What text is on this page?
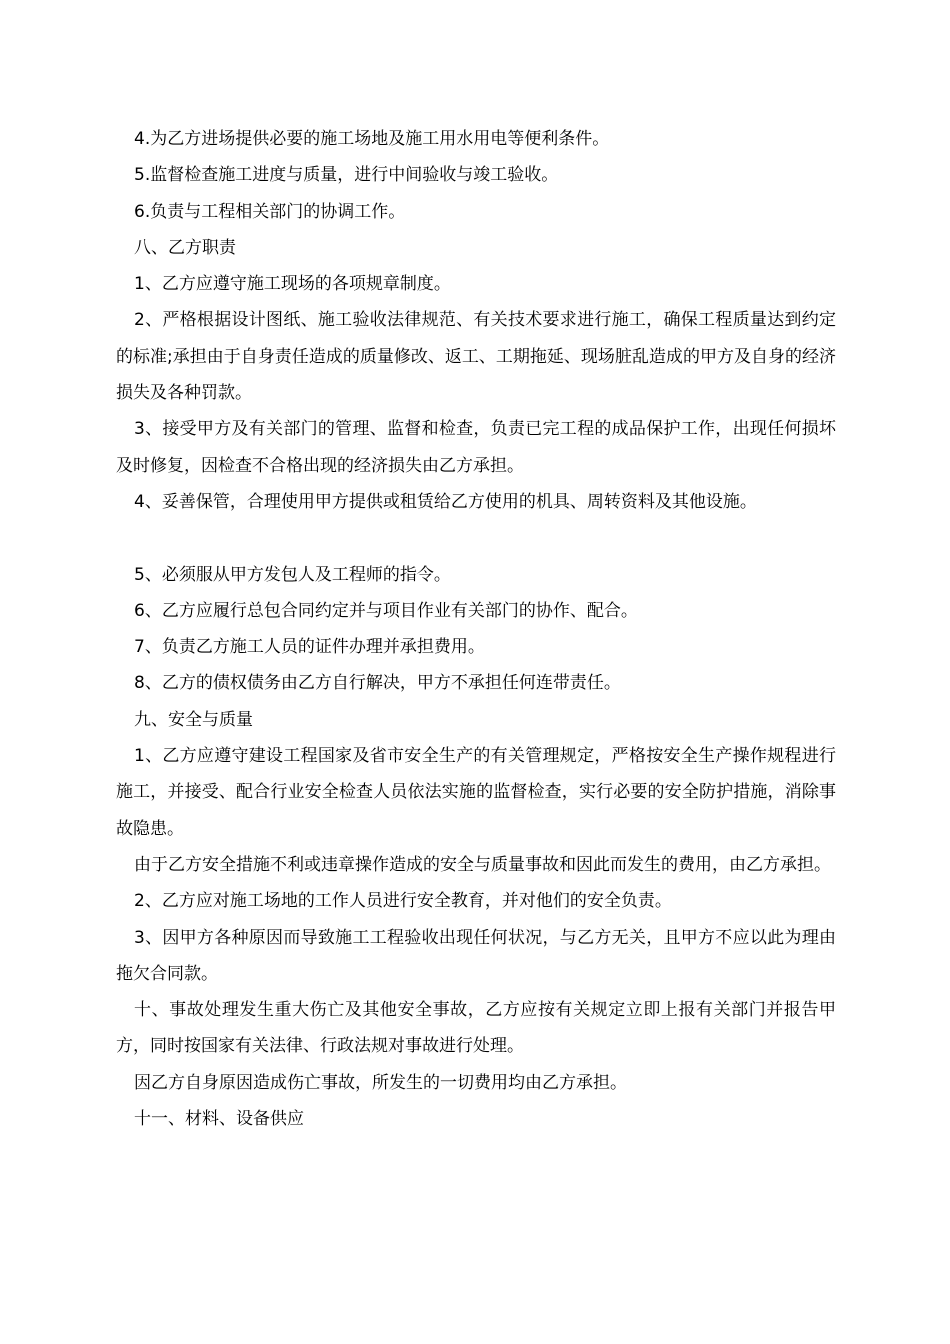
4.为乙方进场提供必要的施工场地及施工用水用电等便利条件。

5.监督检查施工进度与质量，进行中间验收与竣工验收。

6.负责与工程相关部门的协调工作。

八、乙方职责

1、乙方应遵守施工现场的各项规章制度。

2、严格根据设计图纸、施工验收法律规范、有关技术要求进行施工，确保工程质量达到约定的标准;承担由于自身责任造成的质量修改、返工、工期拖延、现场脏乱造成的甲方及自身的经济损失及各种罚款。

3、接受甲方及有关部门的管理、监督和检查，负责已完工程的成品保护工作，出现任何损坏及时修复，因检查不合格出现的经济损失由乙方承担。

4、妥善保管，合理使用甲方提供或租赁给乙方使用的机具、周转资料及其他设施。

5、必须服从甲方发包人及工程师的指令。

6、乙方应履行总包合同约定并与项目作业有关部门的协作、配合。

7、负责乙方施工人员的证件办理并承担费用。

8、乙方的债权债务由乙方自行解决，甲方不承担任何连带责任。

九、安全与质量

1、乙方应遵守建设工程国家及省市安全生产的有关管理规定，严格按安全生产操作规程进行施工，并接受、配合行业安全检查人员依法实施的监督检查，实行必要的安全防护措施，消除事故隐患。

由于乙方安全措施不利或违章操作造成的安全与质量事故和因此而发生的费用，由乙方承担。

2、乙方应对施工场地的工作人员进行安全教育，并对他们的安全负责。

3、因甲方各种原因而导致施工工程验收出现任何状况，与乙方无关，且甲方不应以此为理由拖欠合同款。

十、事故处理发生重大伤亡及其他安全事故，乙方应按有关规定立即上报有关部门并报告甲方，同时按国家有关法律、行政法规对事故进行处理。

因乙方自身原因造成伤亡事故，所发生的一切费用均由乙方承担。

十一、材料、设备供应
